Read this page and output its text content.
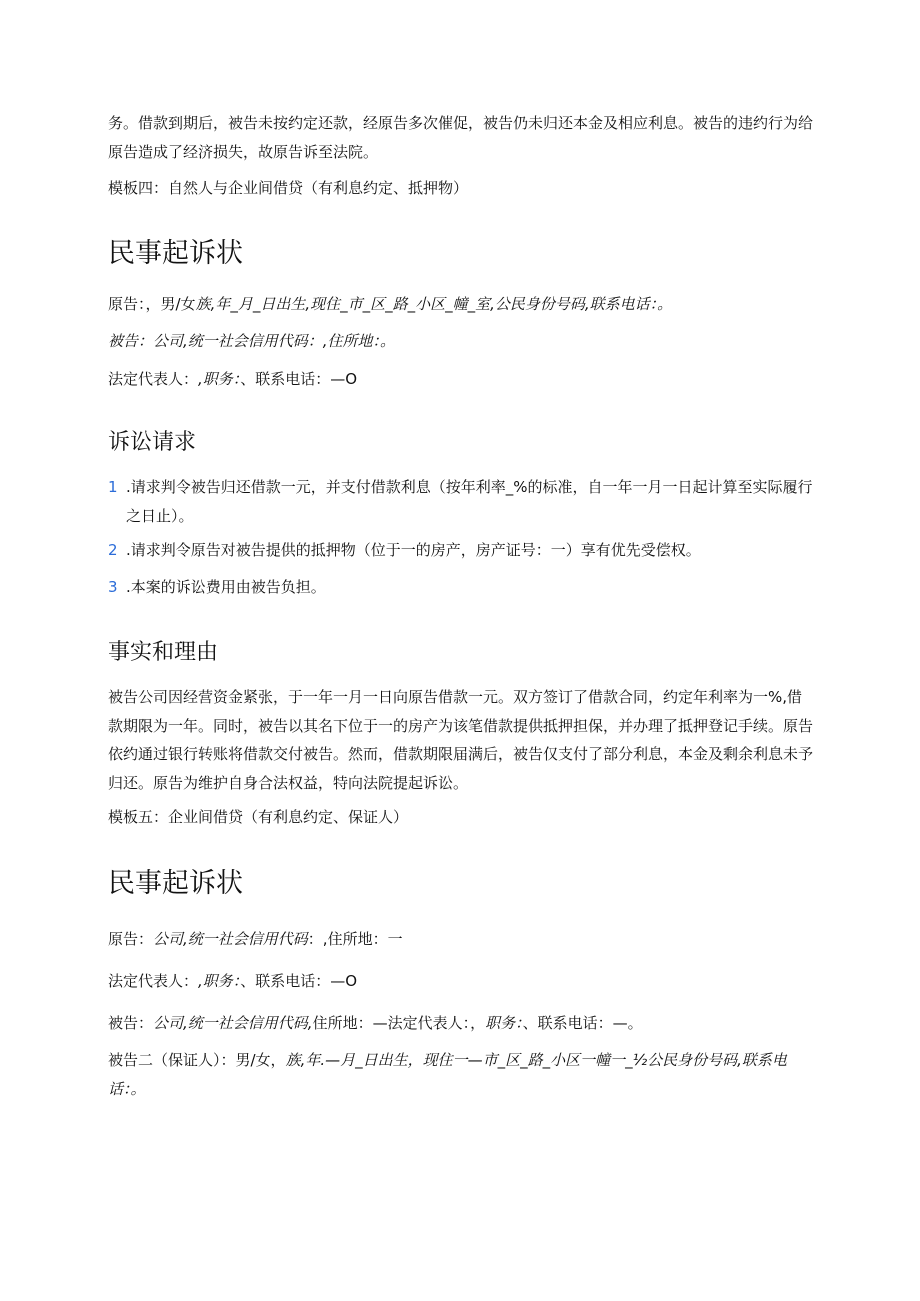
务。借款到期后，被告未按约定还款，经原告多次催促，被告仍未归还本金及相应利息。被告的违约行为给原告造成了经济损失，故原告诉至法院。
模板四：自然人与企业间借贷（有利息约定、抵押物）
民事起诉状
原告：，男/女族,年_月_日出生,现住_市_区_路_小区_幢_室,公民身份号码,联系电话：。
被告：公司,统一社会信用代码：,住所地：。
法定代表人：,职务：、联系电话：—O
诉讼请求
1 .请求判令被告归还借款一元，并支付借款利息（按年利率_%的标准，自一年一月一日起计算至实际履行之日止）。
2 .请求判令原告对被告提供的抵押物（位于一的房产，房产证号：一）享有优先受偿权。
3 .本案的诉讼费用由被告负担。
事实和理由
被告公司因经营资金紧张，于一年一月一日向原告借款一元。双方签订了借款合同，约定年利率为一%,借款期限为一年。同时，被告以其名下位于一的房产为该笔借款提供抵押担保，并办理了抵押登记手续。原告依约通过银行转账将借款交付被告。然而，借款期限届满后，被告仅支付了部分利息，本金及剩余利息未予归还。原告为维护自身合法权益，特向法院提起诉讼。
模板五：企业间借贷（有利息约定、保证人）
民事起诉状
原告：公司,统一社会信用代码：,住所地：一
法定代表人：,职务：、联系电话：—O
被告：公司,统一社会信用代码,住所地：—法定代表人：，职务：、联系电话：—。
被告二（保证人）：男/女，族,年.—月_日出生，现住一—市_区_路_小区一幢一_½公民身份号码,联系电话：。
